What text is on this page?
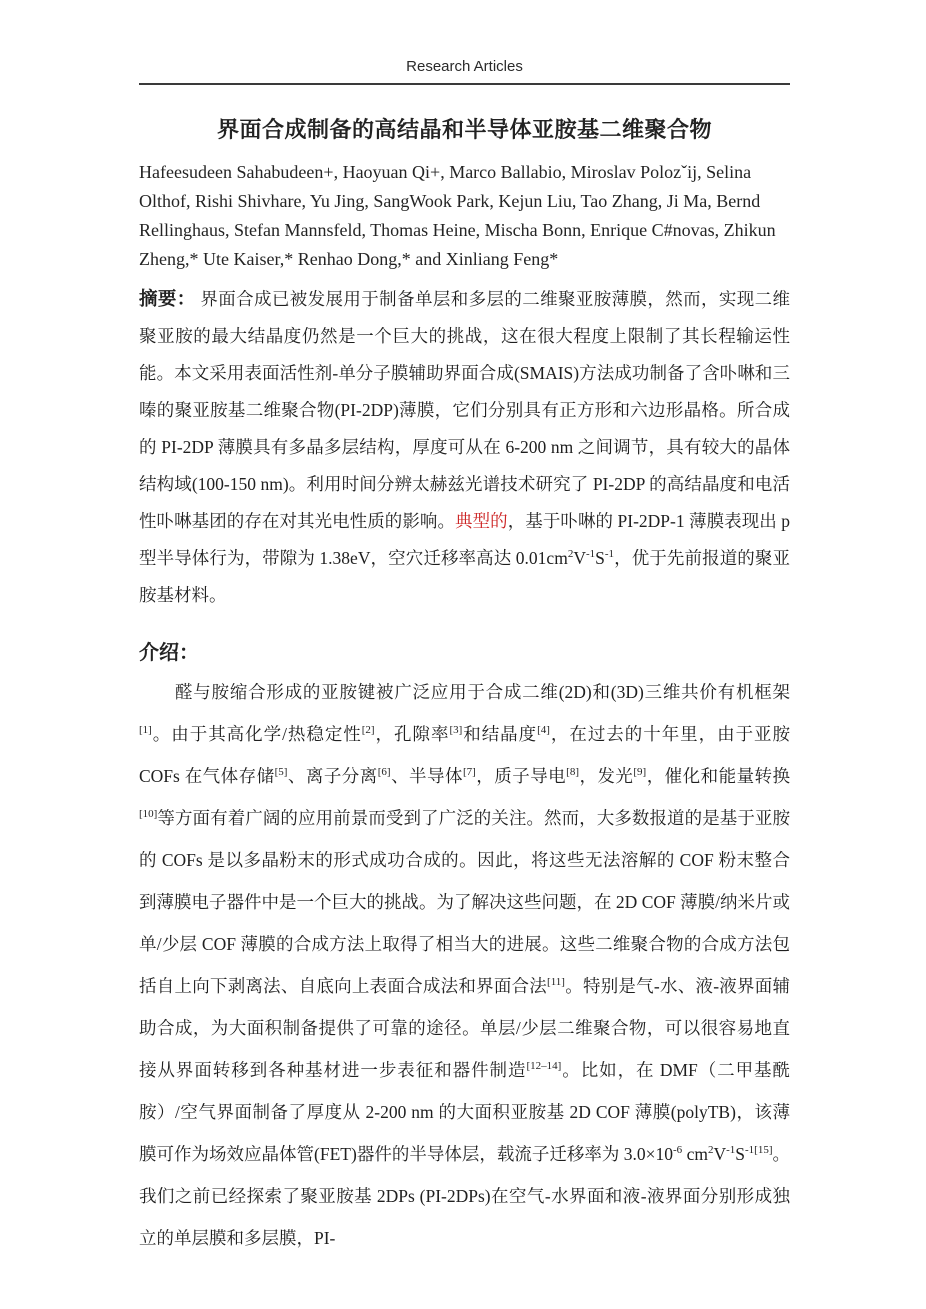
Research Articles
界面合成制备的高结晶和半导体亚胺基二维聚合物

Hafeesudeen Sahabudeen+, Haoyuan Qi+, Marco Ballabio, Miroslav Polozˇij, Selina Olthof, Rishi Shivhare, Yu Jing, SangWook Park, Kejun Liu, Tao Zhang, Ji Ma, Bernd Rellinghaus, Stefan Mannsfeld, Thomas Heine, Mischa Bonn, Enrique C#novas, Zhikun Zheng,* Ute Kaiser,* Renhao Dong,* and Xinliang Feng*

摘要： 界面合成已被发展用于制备单层和多层的二维聚亚胺薄膜，然而，实现二维聚亚胺的最大结晶度仍然是一个巨大的挑战，这在很大程度上限制了其长程输运性能。本文采用表面活性剂-单分子膜辅助界面合成(SMAIS)方法成功制备了含卟啉和三嗪的聚亚胺基二维聚合物(PI-2DP)薄膜，它们分别具有正方形和六边形晶格。所合成的 PI-2DP 薄膜具有多晶多层结构，厚度可从在 6-200 nm 之间调节，具有较大的晶体结构域(100-150 nm)。利用时间分辨太赫兹光谱技术研究了 PI-2DP 的高结晶度和电活性卟啉基团的存在对其光电性质的影响。典型的，基于卟啉的 PI-2DP-1 薄膜表现出 p 型半导体行为，带隙为 1.38eV，空穴迁移率高达 $0.01cm^2V^{-1}S^{-1}$，优于先前报道的聚亚胺基材料。

介绍：

醛与胺缩合形成的亚胺键被广泛应用于合成二维(2D)和(3D)三维共价有机框架[1]。由于其高化学/热稳定性[2]，孔隙率[3]和结晶度[4]，在过去的十年里，由于亚胺 COFs 在气体存储[5]、离子分离[6]、半导体[7]，质子导电[8]，发光[9]，催化和能量转换[10]等方面有着广阔的应用前景而受到了广泛的关注。然而，大多数报道的是基于亚胺的 COFs 是以多晶粉末的形式成功合成的。因此，将这些无法溶解的 COF 粉末整合到薄膜电子器件中是一个巨大的挑战。为了解决这些问题，在 2D COF 薄膜/纳米片或单/少层 COF 薄膜的合成方法上取得了相当大的进展。这些二维聚合物的合成方法包括自上向下剥离法、自底向上表面合成法和界面合法[11]。特别是气-水、液-液界面辅助合成，为大面积制备提供了可靠的途径。单层/少层二维聚合物，可以很容易地直接从界面转移到各种基材进一步表征和器件制造[12–14]。比如，在 DMF（二甲基酰胺）/空气界面制备了厚度从 2-200 nm 的大面积亚胺基 2D COF 薄膜(polyTB)，该薄膜可作为场效应晶体管(FET)器件的半导体层，载流子迁移率为 $3.0\times 10^{-6}$ $cm^2V^{-1}S^{-1[15]}$。我们之前已经探索了聚亚胺基 2DPs (PI-2DPs)在空气-水界面和液-液界面分别形成独立的单层膜和多层膜，PI-
